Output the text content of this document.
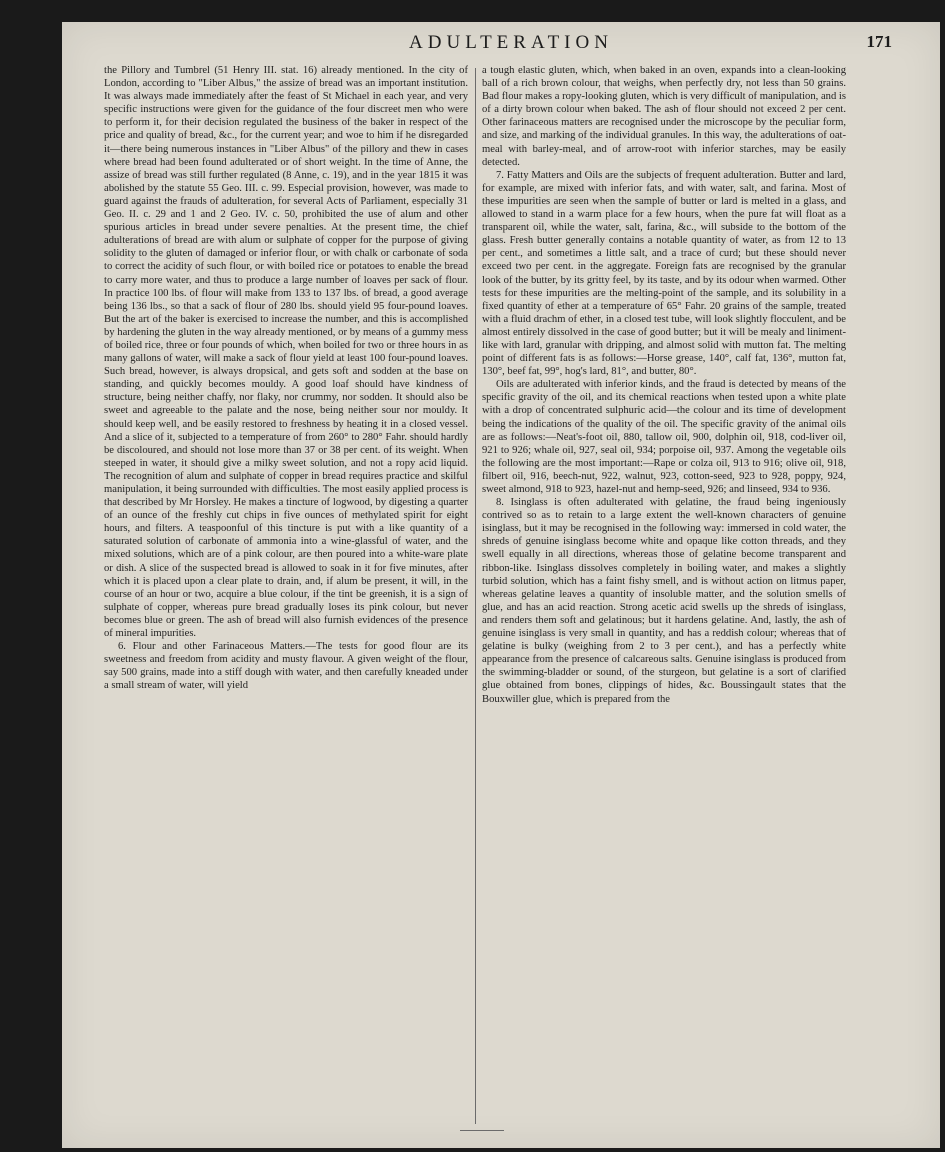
ADULTERATION	171

the Pillory and Tumbrel (51 Henry III. stat. 16) already mentioned. In the city of London, according to "Liber Albus," the assize of bread was an important institution. It was always made immediately after the feast of St Michael in each year, and very specific instructions were given for the guidance of the four discreet men who were to perform it, for their decision regulated the business of the baker in respect of the price and quality of bread, &c., for the current year; and woe to him if he disregarded it—there being numerous instances in "Liber Albus" of the pillory and thew in cases where bread had been found adulterated or of short weight. In the time of Anne, the assize of bread was still further regulated (8 Anne, c. 19), and in the year 1815 it was abolished by the statute 55 Geo. III. c. 99. Especial provision, however, was made to guard against the frauds of adulteration, for several Acts of Parliament, especially 31 Geo. II. c. 29 and 1 and 2 Geo. IV. c. 50, prohibited the use of alum and other spurious articles in bread under severe penalties. At the present time, the chief adulterations of bread are with alum or sulphate of copper for the purpose of giving solidity to the gluten of damaged or inferior flour, or with chalk or carbonate of soda to correct the acidity of such flour, or with boiled rice or potatoes to enable the bread to carry more water, and thus to produce a large number of loaves per sack of flour. In practice 100 lbs. of flour will make from 133 to 137 lbs. of bread, a good average being 136 lbs., so that a sack of flour of 280 lbs. should yield 95 four-pound loaves. But the art of the baker is exercised to increase the number, and this is accomplished by hardening the gluten in the way already mentioned, or by means of a gummy mess of boiled rice, three or four pounds of which, when boiled for two or three hours in as many gallons of water, will make a sack of flour yield at least 100 four-pound loaves. Such bread, however, is always dropsical, and gets soft and sodden at the base on standing, and quickly becomes mouldy. A good loaf should have kindness of structure, being neither chaffy, nor flaky, nor crummy, nor sodden. It should also be sweet and agreeable to the palate and the nose, being neither sour nor mouldy. It should keep well, and be easily restored to freshness by heating it in a closed vessel. And a slice of it, subjected to a temperature of from 260° to 280° Fahr. should hardly be discoloured, and should not lose more than 37 or 38 per cent. of its weight. When steeped in water, it should give a milky sweet solution, and not a ropy acid liquid. The recognition of alum and sulphate of copper in bread requires practice and skilful manipulation, it being surrounded with difficulties. The most easily applied process is that described by Mr Horsley. He makes a tincture of logwood, by digesting a quarter of an ounce of the freshly cut chips in five ounces of methylated spirit for eight hours, and filters. A teaspoonful of this tincture is put with a like quantity of a saturated solution of carbonate of ammonia into a wine-glassful of water, and the mixed solutions, which are of a pink colour, are then poured into a white-ware plate or dish. A slice of the suspected bread is allowed to soak in it for five minutes, after which it is placed upon a clear plate to drain, and, if alum be present, it will, in the course of an hour or two, acquire a blue colour, if the tint be greenish, it is a sign of sulphate of copper, whereas pure bread gradually loses its pink colour, but never becomes blue or green. The ash of bread will also furnish evidences of the presence of mineral impurities.

6. Flour and other Farinaceous Matters.—The tests for good flour are its sweetness and freedom from acidity and musty flavour. A given weight of the flour, say 500 grains, made into a stiff dough with water, and then carefully kneaded under a small stream of water, will yield

a tough elastic gluten, which, when baked in an oven, expands into a clean-looking ball of a rich brown colour, that weighs, when perfectly dry, not less than 50 grains. Bad flour makes a ropy-looking gluten, which is very difficult of manipulation, and is of a dirty brown colour when baked. The ash of flour should not exceed 2 per cent. Other farinaceous matters are recognised under the microscope by the peculiar form, and size, and marking of the individual granules. In this way, the adulterations of oat-meal with barley-meal, and of arrow-root with inferior starches, may be easily detected.

7. Fatty Matters and Oils are the subjects of frequent adulteration. Butter and lard, for example, are mixed with inferior fats, and with water, salt, and farina. Most of these impurities are seen when the sample of butter or lard is melted in a glass, and allowed to stand in a warm place for a few hours, when the pure fat will float as a transparent oil, while the water, salt, farina, &c., will subside to the bottom of the glass. Fresh butter generally contains a notable quantity of water, as from 12 to 13 per cent., and sometimes a little salt, and a trace of curd; but these should never exceed two per cent. in the aggregate. Foreign fats are recognised by the granular look of the butter, by its gritty feel, by its taste, and by its odour when warmed. Other tests for these impurities are the melting-point of the sample, and its solubility in a fixed quantity of ether at a temperature of 65° Fahr. 20 grains of the sample, treated with a fluid drachm of ether, in a closed test tube, will look slightly flocculent, and be almost entirely dissolved in the case of good butter; but it will be mealy and liniment-like with lard, granular with dripping, and almost solid with mutton fat. The melting point of different fats is as follows:—Horse grease, 140°, calf fat, 136°, mutton fat, 130°, beef fat, 99°, hog's lard, 81°, and butter, 80°.

Oils are adulterated with inferior kinds, and the fraud is detected by means of the specific gravity of the oil, and its chemical reactions when tested upon a white plate with a drop of concentrated sulphuric acid—the colour and its time of development being the indications of the quality of the oil. The specific gravity of the animal oils are as follows:—Neat's-foot oil, 880, tallow oil, 900, dolphin oil, 918, cod-liver oil, 921 to 926; whale oil, 927, seal oil, 934; porpoise oil, 937. Among the vegetable oils the following are the most important:—Rape or colza oil, 913 to 916; olive oil, 918, filbert oil, 916, beech-nut, 922, walnut, 923, cotton-seed, 923 to 928, poppy, 924, sweet almond, 918 to 923, hazel-nut and hemp-seed, 926; and linseed, 934 to 936.

8. Isinglass is often adulterated with gelatine, the fraud being ingeniously contrived so as to retain to a large extent the well-known characters of genuine isinglass, but it may be recognised in the following way: immersed in cold water, the shreds of genuine isinglass become white and opaque like cotton threads, and they swell equally in all directions, whereas those of gelatine become transparent and ribbon-like. Isinglass dissolves completely in boiling water, and makes a slightly turbid solution, which has a faint fishy smell, and is without action on litmus paper, whereas gelatine leaves a quantity of insoluble matter, and the solution smells of glue, and has an acid reaction. Strong acetic acid swells up the shreds of isinglass, and renders them soft and gelatinous; but it hardens gelatine. And, lastly, the ash of genuine isinglass is very small in quantity, and has a reddish colour; whereas that of gelatine is bulky (weighing from 2 to 3 per cent.), and has a perfectly white appearance from the presence of calcareous salts. Genuine isinglass is produced from the swimming-bladder or sound, of the sturgeon, but gelatine is a sort of clarified glue obtained from bones, clippings of hides, &c. Boussingault states that the Bouxwiller glue, which is prepared from the
